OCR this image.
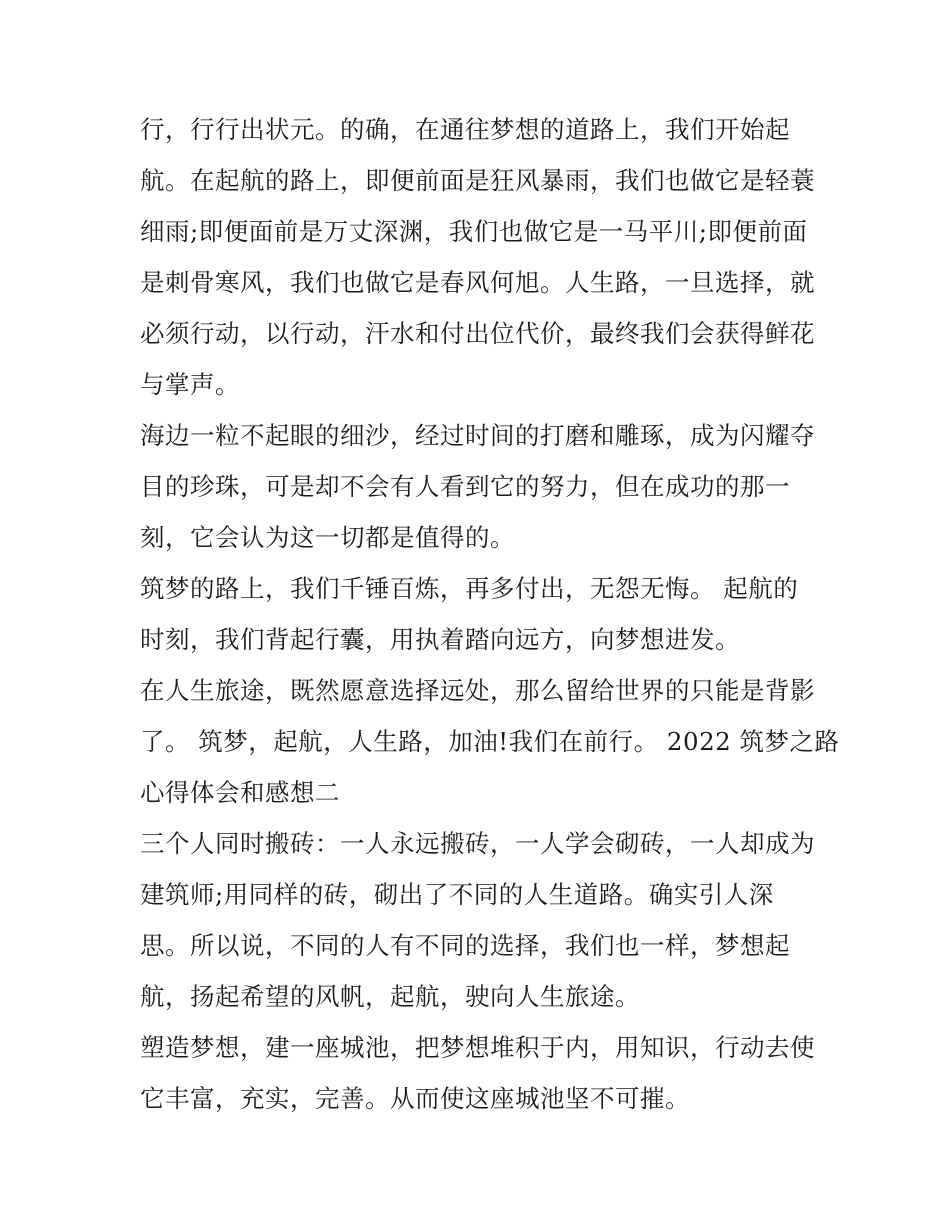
行，行行出状元。的确，在通往梦想的道路上，我们开始起
航。在起航的路上，即便前面是狂风暴雨，我们也做它是轻蓑
细雨;即便面前是万丈深渊，我们也做它是一马平川;即便前面
是刺骨寒风，我们也做它是春风何旭。人生路，一旦选择，就
必须行动，以行动，汗水和付出位代价，最终我们会获得鲜花
与掌声。
海边一粒不起眼的细沙，经过时间的打磨和雕琢，成为闪耀夺
目的珍珠，可是却不会有人看到它的努力，但在成功的那一
刻，它会认为这一切都是值得的。
筑梦的路上，我们千锤百炼，再多付出，无怨无悔。 起航的
时刻，我们背起行囊，用执着踏向远方，向梦想进发。
在人生旅途，既然愿意选择远处，那么留给世界的只能是背影
了。 筑梦，起航，人生路，加油!我们在前行。 2022 筑梦之路
心得体会和感想二
三个人同时搬砖：一人永远搬砖，一人学会砌砖，一人却成为
建筑师;用同样的砖，砌出了不同的人生道路。确实引人深
思。所以说，不同的人有不同的选择，我们也一样，梦想起
航，扬起希望的风帆，起航，驶向人生旅途。
塑造梦想，建一座城池，把梦想堆积于内，用知识，行动去使
它丰富，充实，完善。从而使这座城池坚不可摧。
